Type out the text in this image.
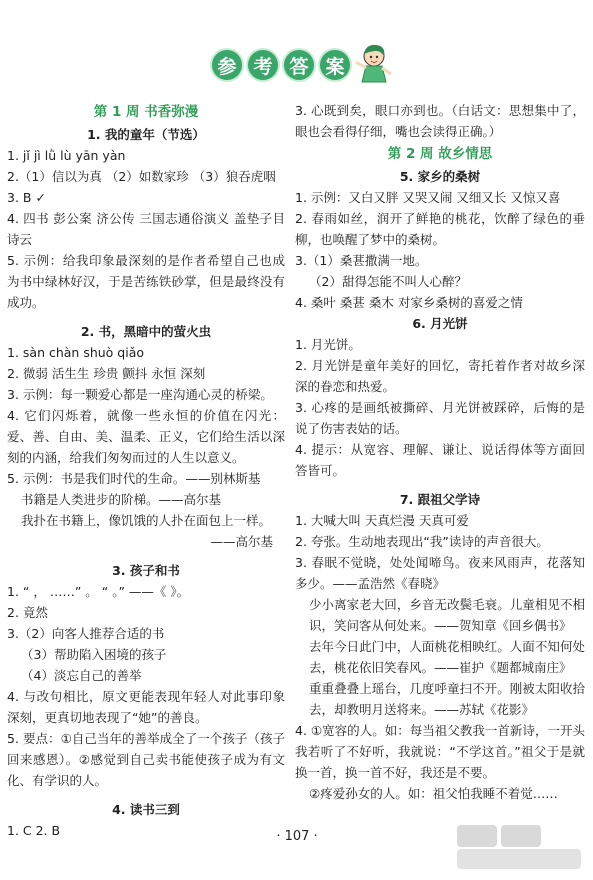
参 考 答 案
第 1 周 书香弥漫
1. 我的童年（节选）
1. jǐ jì lǜ lù yān yàn
2.（1）信以为真 （2）如数家珍 （3）狼吞虎咽
3. B ✓
4. 四书 彭公案 济公传 三国志通俗演义 盖垫子目 诗云
5. 示例：给我印象最深刻的是作者希望自己也成为书中绿林好汉，于是苦练铁砂掌，但是最终没有成功。
2. 书，黑暗中的萤火虫
1. sàn chàn shuò qiǎo
2. 微弱 活生生 珍贵 颤抖 永恒 深刻
3. 示例：每一颗爱心都是一座沟通心灵的桥梁。
4. 它们闪烁着，就像一些永恒的价值在闪光：爱、善、自由、美、温柔、正义，它们给生活以深刻的内涵，给我们匆匆而过的人生以意义。
5. 示例：书是我们时代的生命。——别林斯基
书籍是人类进步的阶梯。——高尔基
我扑在书籍上，像饥饿的人扑在面包上一样。
——高尔基
3. 孩子和书
1. “ ， ……” 。 “ 。” ——《 》。
2. 竟然
3.（2）向客人推荐合适的书
（3）帮助陷入困境的孩子
（4）淡忘自己的善举
4. 与改句相比，原文更能表现年轻人对此事印象深刻，更真切地表现了“她”的善良。
5. 要点：①自己当年的善举成全了一个孩子（孩子回来感恩）。②感觉到自己卖书能使孩子成为有文化、有学识的人。
4. 读书三到
1. C 2. B
3. 心既到矣，眼口亦到也。（白话文：思想集中了，眼也会看得仔细，嘴也会读得正确。）
第 2 周 故乡情思
5. 家乡的桑树
1. 示例：又白又胖 又哭又闹 又细又长 又惊又喜
2. 春雨如丝，润开了鲜艳的桃花，饮醉了绿色的垂柳，也唤醒了梦中的桑树。
3.（1）桑葚撒满一地。
（2）甜得怎能不叫人心醉？
4. 桑叶 桑葚 桑木 对家乡桑树的喜爱之情
6. 月光饼
1. 月光饼。
2. 月光饼是童年美好的回忆，寄托着作者对故乡深深的眷恋和热爱。
3. 心疼的是画纸被撕碎、月光饼被踩碎，后悔的是说了伤害表姑的话。
4. 提示：从宽容、理解、谦让、说话得体等方面回答皆可。
7. 跟祖父学诗
1. 大喊大叫 天真烂漫 天真可爱
2. 夸张。生动地表现出“我”读诗的声音很大。
3. 春眠不觉晓，处处闻啼鸟。夜来风雨声，花落知多少。——孟浩然《春晓》
少小离家老大回，乡音无改鬓毛衰。儿童相见不相识，笑问客从何处来。——贺知章《回乡偶书》
去年今日此门中，人面桃花相映红。人面不知何处去，桃花依旧笑春风。——崔护《题都城南庄》
重重叠叠上瑶台，几度呼童扫不开。刚被太阳收拾去，却教明月送将来。——苏轼《花影》
4. ①宽容的人。如：每当祖父教我一首新诗，一开头我若听了不好听，我就说：“不学这首。”祖父于是就换一首，换一首不好，我还是不要。
②疼爱孙女的人。如：祖父怕我睡不着觉……
· 107 ·
